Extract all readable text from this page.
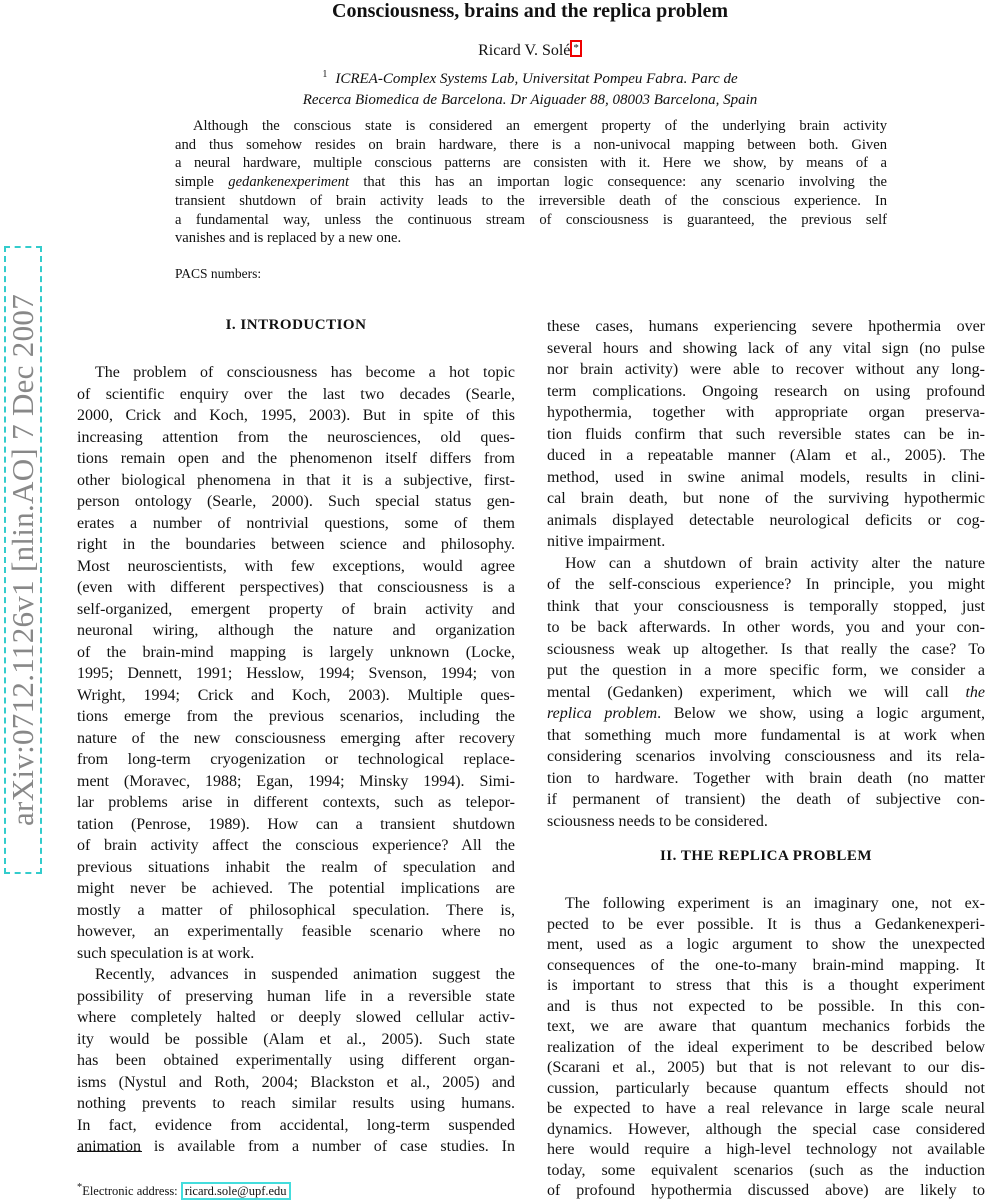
Consciousness, brains and the replica problem
Ricard V. Solé *
$^1$ ICREA-Complex Systems Lab, Universitat Pompeu Fabra. Parc de
Recerca Biomedica de Barcelona. Dr Aiguader 88, 08003 Barcelona, Spain
arXiv:0712.1126v1 [nlin.AO] 7 Dec 2007
Although the conscious state is considered an emergent property of the underlying brain activity
and thus somehow resides on brain hardware, there is a non-univocal mapping between both. Given
a neural hardware, multiple conscious patterns are consisten with it. Here we show, by means of a
simple gedankenexperiment that this has an importan logic consequence: any scenario involving the
transient shutdown of brain activity leads to the irreversible death of the conscious experience. In
a fundamental way, unless the continuous stream of consciousness is guaranteed, the previous self
vanishes and is replaced by a new one.
PACS numbers:
I. INTRODUCTION
The problem of consciousness has become a hot topic
of scientific enquiry over the last two decades (Searle,
2000, Crick and Koch, 1995, 2003). But in spite of this
increasing attention from the neurosciences, old ques-
tions remain open and the phenomenon itself differs from
other biological phenomena in that it is a subjective, first-
person ontology (Searle, 2000). Such special status gen-
erates a number of nontrivial questions, some of them
right in the boundaries between science and philosophy.
Most neuroscientists, with few exceptions, would agree
(even with different perspectives) that consciousness is a
self-organized, emergent property of brain activity and
neuronal wiring, although the nature and organization
of the brain-mind mapping is largely unknown (Locke,
1995; Dennett, 1991; Hesslow, 1994; Svenson, 1994; von
Wright, 1994; Crick and Koch, 2003). Multiple ques-
tions emerge from the previous scenarios, including the
nature of the new consciousness emerging after recovery
from long-term cryogenization or technological replace-
ment (Moravec, 1988; Egan, 1994; Minsky 1994). Simi-
lar problems arise in different contexts, such as telepor-
tation (Penrose, 1989). How can a transient shutdown
of brain activity affect the conscious experience? All the
previous situations inhabit the realm of speculation and
might never be achieved. The potential implications are
mostly a matter of philosophical speculation. There is,
however, an experimentally feasible scenario where no
such speculation is at work.
Recently, advances in suspended animation suggest the
possibility of preserving human life in a reversible state
where completely halted or deeply slowed cellular activ-
ity would be possible (Alam et al., 2005). Such state
has been obtained experimentally using different organ-
isms (Nystul and Roth, 2004; Blackston et al., 2005) and
nothing prevents to reach similar results using humans.
In fact, evidence from accidental, long-term suspended
animation is available from a number of case studies. In
these cases, humans experiencing severe hpothermia over
several hours and showing lack of any vital sign (no pulse
nor brain activity) were able to recover without any long-
term complications. Ongoing research on using profound
hypothermia, together with appropriate organ preserva-
tion fluids confirm that such reversible states can be in-
duced in a repeatable manner (Alam et al., 2005). The
method, used in swine animal models, results in clini-
cal brain death, but none of the surviving hypothermic
animals displayed detectable neurological deficits or cog-
nitive impairment.
How can a shutdown of brain activity alter the nature
of the self-conscious experience? In principle, you might
think that your consciousness is temporally stopped, just
to be back afterwards. In other words, you and your con-
sciousness weak up altogether. Is that really the case? To
put the question in a more specific form, we consider a
mental (Gedanken) experiment, which we will call the
replica problem. Below we show, using a logic argument,
that something much more fundamental is at work when
considering scenarios involving consciousness and its rela-
tion to hardware. Together with brain death (no matter
if permanent of transient) the death of subjective con-
sciousness needs to be considered.
II. THE REPLICA PROBLEM
The following experiment is an imaginary one, not ex-
pected to be ever possible. It is thus a Gedankenexperi-
ment, used as a logic argument to show the unexpected
consequences of the one-to-many brain-mind mapping. It
is important to stress that this is a thought experiment
and is thus not expected to be possible. In this con-
text, we are aware that quantum mechanics forbids the
realization of the ideal experiment to be described below
(Scarani et al., 2005) but that is not relevant to our dis-
cussion, particularly because quantum effects should not
be expected to have a real relevance in large scale neural
dynamics. However, although the special case considered
here would require a high-level technology not available
today, some equivalent scenarios (such as the induction
of profound hypothermia discussed above) are likely to
*Electronic address: ricard.sole@upf.edu
